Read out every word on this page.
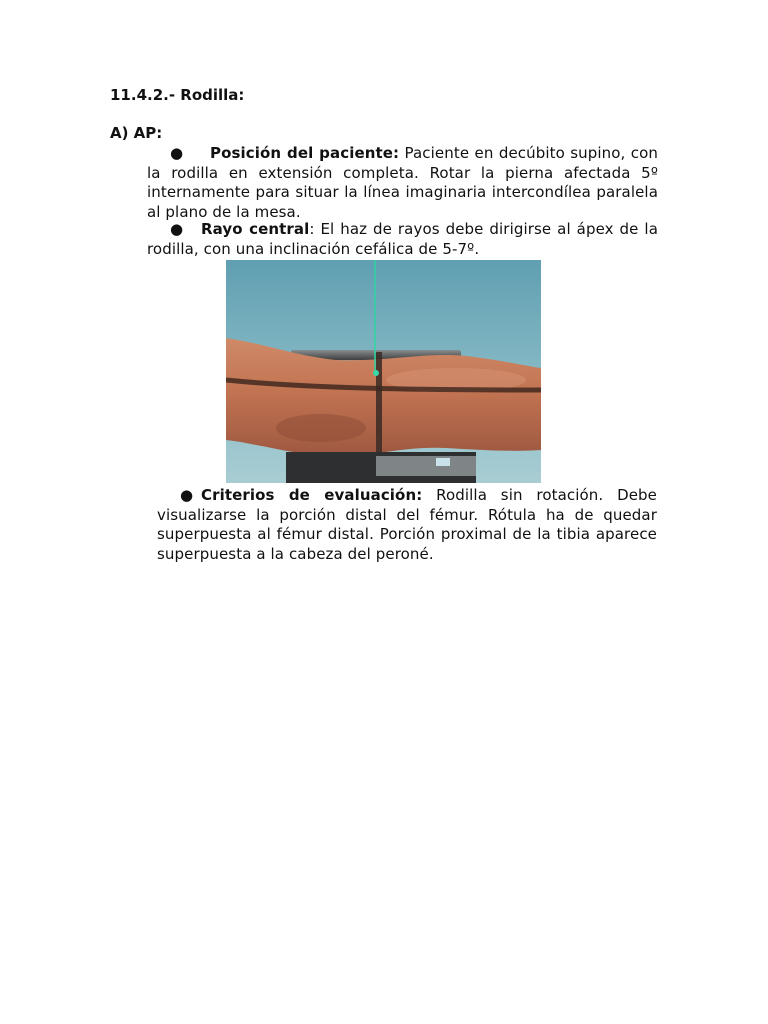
11.4.2.- Rodilla:
A) AP:
●	Posición del paciente: Paciente en decúbito supino, con la rodilla en extensión completa. Rotar la pierna afectada 5º internamente para situar la línea imaginaria intercondílea paralela al plano de la mesa.
●	Rayo central: El haz de rayos debe dirigirse al ápex de la rodilla, con una inclinación cefálica de 5-7º.
● Criterios de evaluación: Rodilla sin rotación. Debe visualizarse la porción distal del fémur. Rótula ha de quedar superpuesta al fémur distal. Porción proximal de la tibia aparece superpuesta a la cabeza del peroné.
